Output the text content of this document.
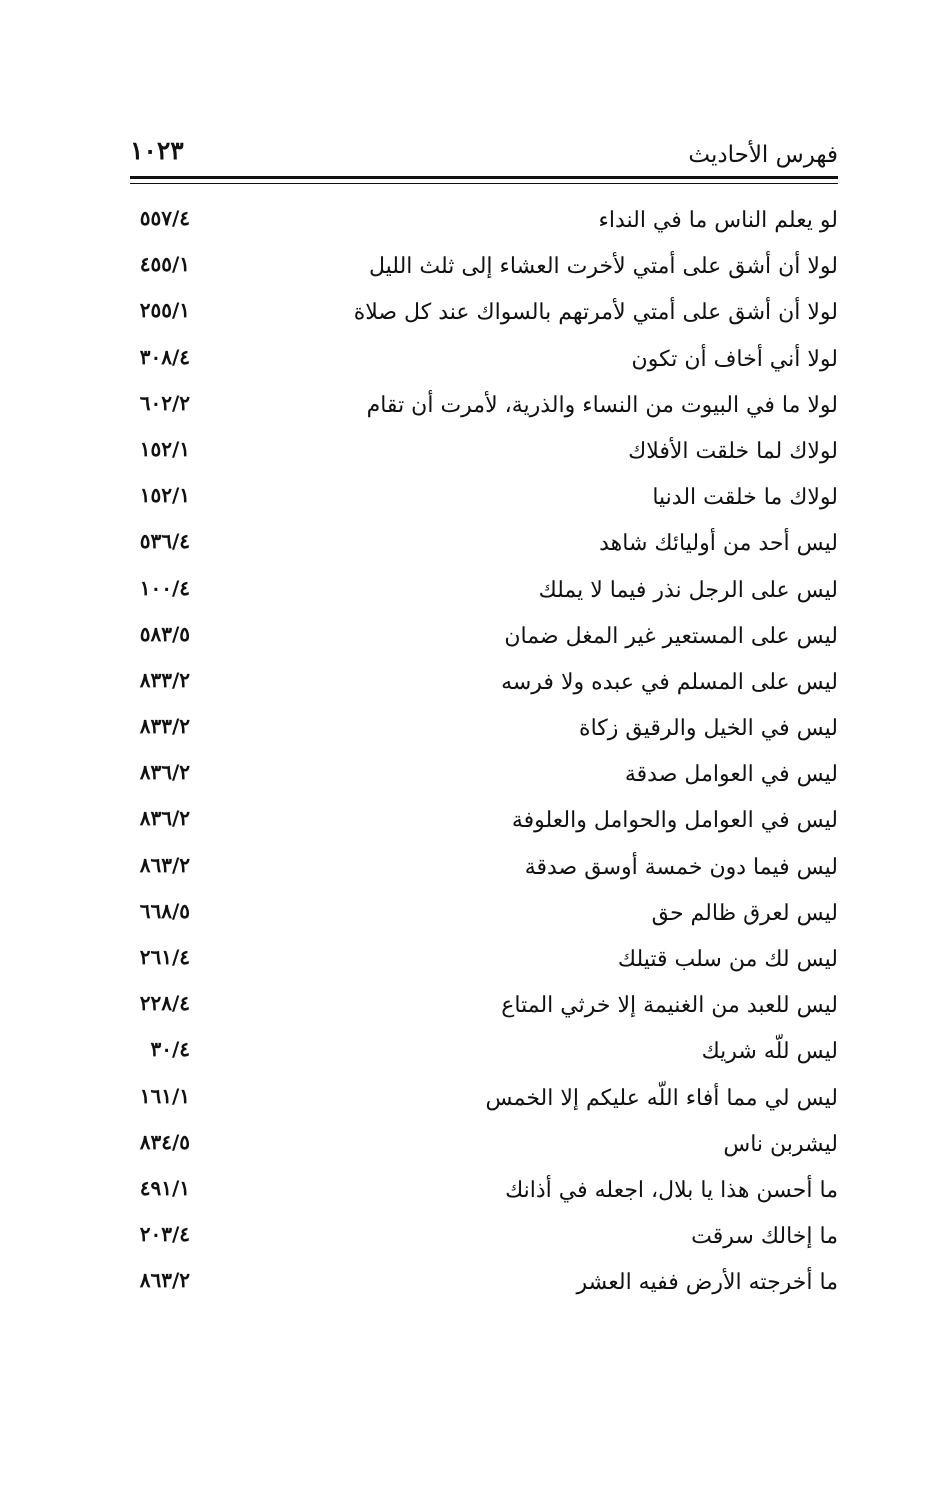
فهرس الأحاديث
١٠٢٣
لو يعلم الناس ما في النداء
٥٥٧/٤
لولا أن أشق على أمتي لأخرت العشاء إلى ثلث الليل
٤٥٥/١
لولا أن أشق على أمتي لأمرتهم بالسواك عند كل صلاة
٢٥٥/١
لولا أني أخاف أن تكون
٣٠٨/٤
لولا ما في البيوت من النساء والذرية، لأمرت أن تقام
٦٠٢/٢
لولاك لما خلقت الأفلاك
١٥٢/١
لولاك ما خلقت الدنيا
١٥٢/١
ليس أحد من أوليائك شاهد
٥٣٦/٤
ليس على الرجل نذر فيما لا يملك
١٠٠/٤
ليس على المستعير غير المغل ضمان
٥٨٣/٥
ليس على المسلم في عبده ولا فرسه
٨٣٣/٢
ليس في الخيل والرقيق زكاة
٨٣٣/٢
ليس في العوامل صدقة
٨٣٦/٢
ليس في العوامل والحوامل والعلوفة
٨٣٦/٢
ليس فيما دون خمسة أوسق صدقة
٨٦٣/٢
ليس لعرق ظالم حق
٦٦٨/٥
ليس لك من سلب قتيلك
٢٦١/٤
ليس للعبد من الغنيمة إلا خرثي المتاع
٢٢٨/٤
ليس للّه شريك
٣٠/٤
ليس لي مما أفاء اللّه عليكم إلا الخمس
١٦١/١
ليشربن ناس
٨٣٤/٥
ما أحسن هذا يا بلال، اجعله في أذانك
٤٩١/١
ما إخالك سرقت
٢٠٣/٤
ما أخرجته الأرض ففيه العشر
٨٦٣/٢
